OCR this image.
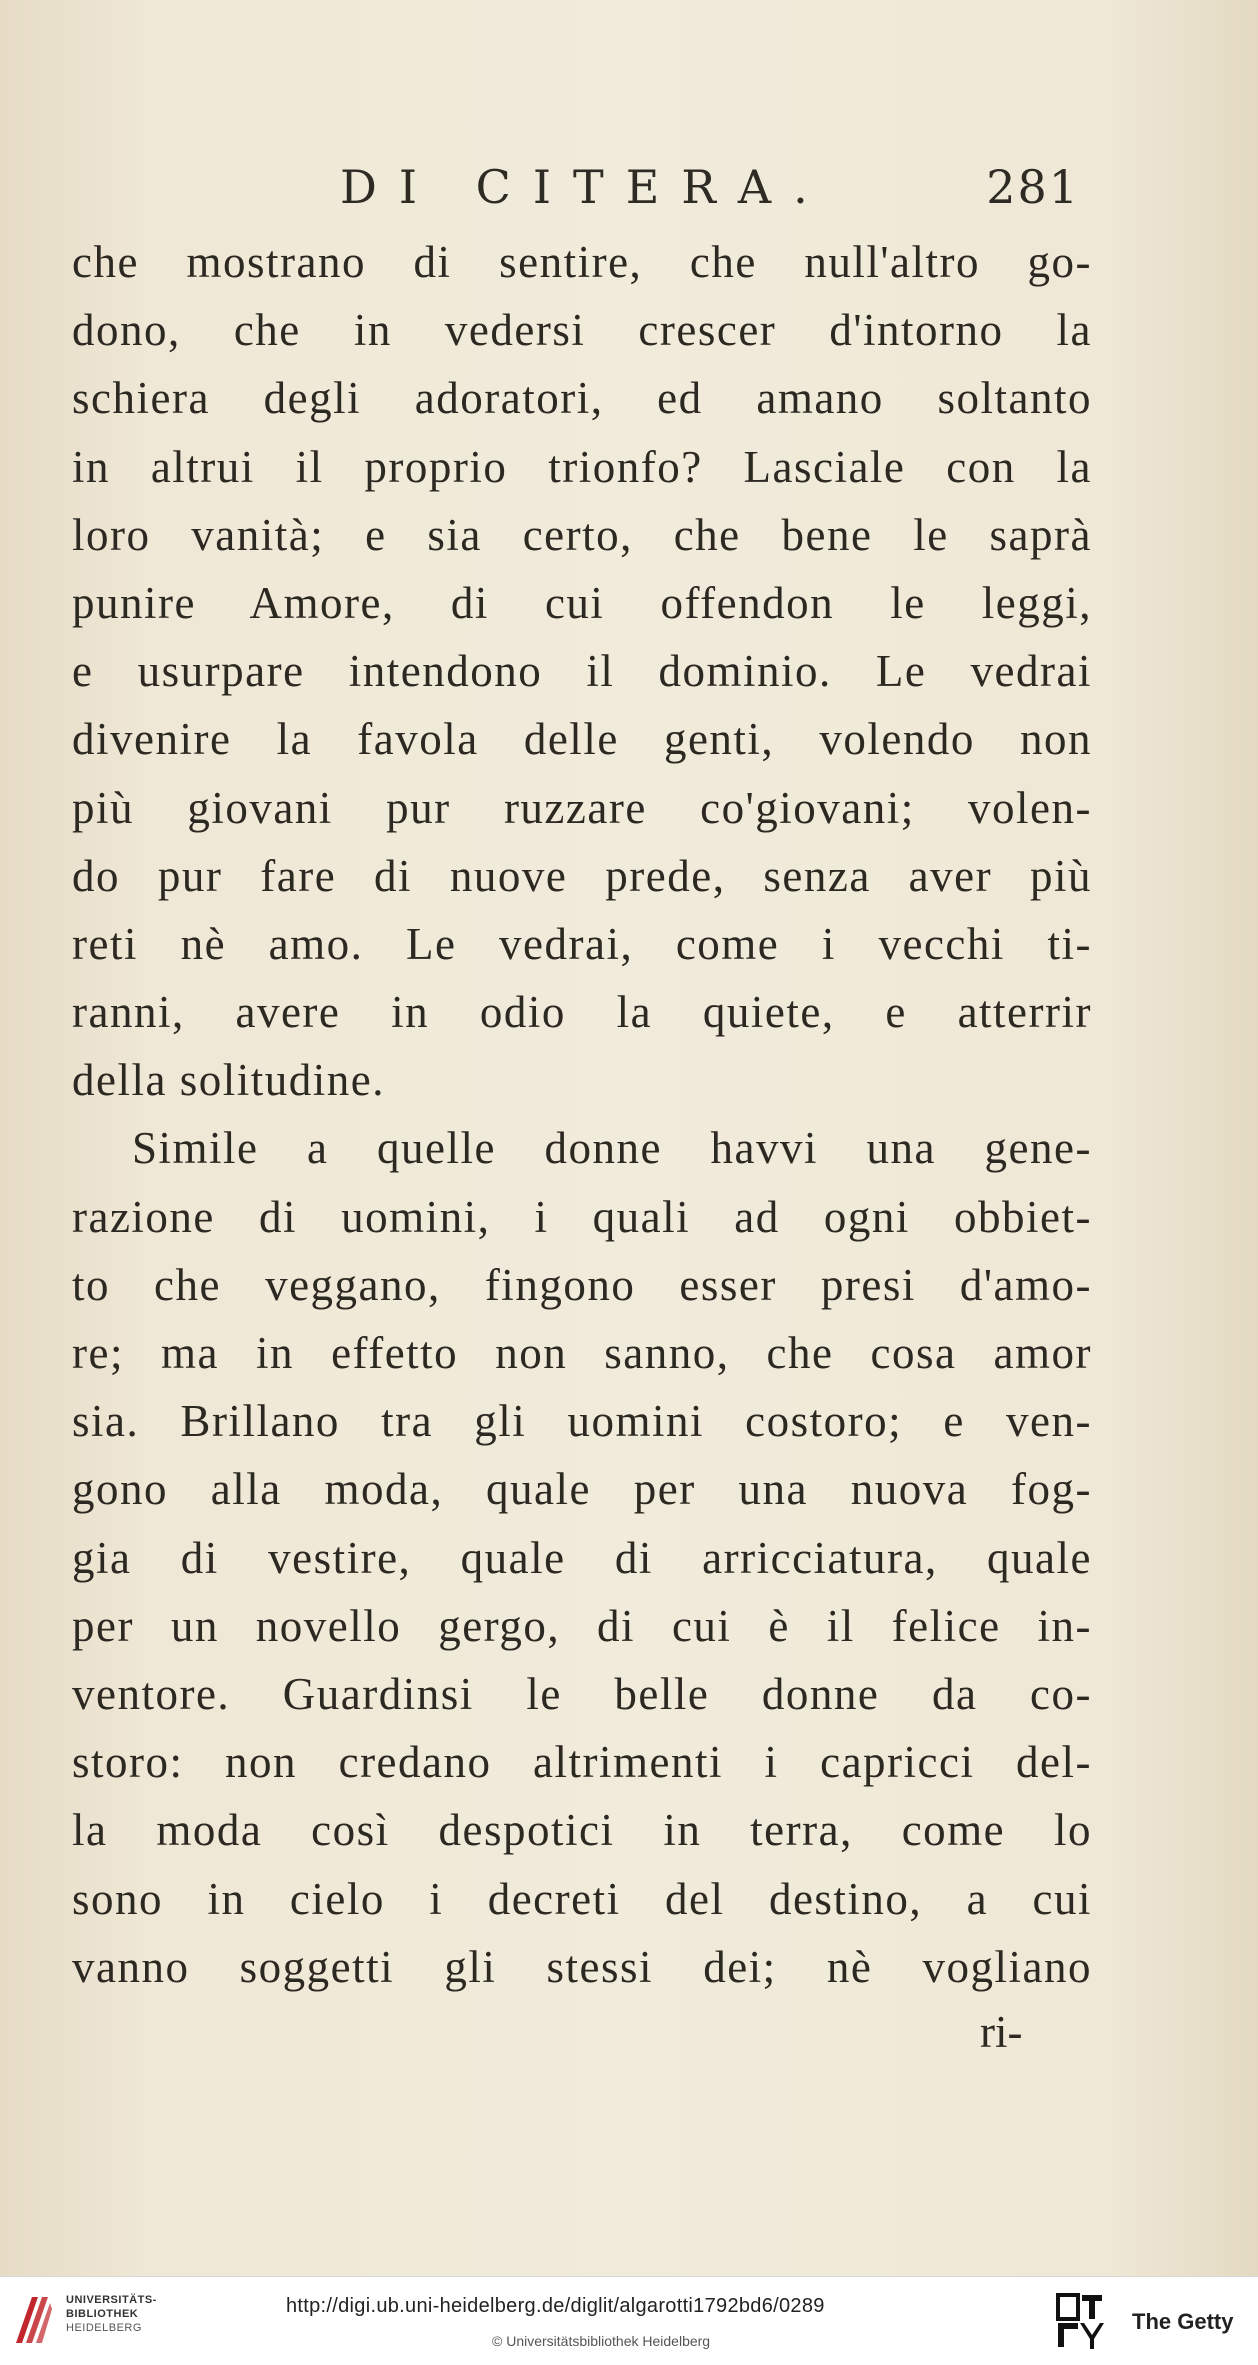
DI CITERA.	281
che mostrano di sentire, che null'altro go-
dono, che in vedersi crescer d'intorno la
schiera degli adoratori, ed amano soltanto
in altrui il proprio trionfo? Lasciale con la
loro vanità; e sia certo, che bene le saprà
punire Amore, di cui offendon le leggi,
e usurpare intendono il dominio. Le vedrai
divenire la favola delle genti, volendo non
più giovani pur ruzzare co'giovani; volen-
do pur fare di nuove prede, senza aver più
reti nè amo. Le vedrai, come i vecchi ti-
ranni, avere in odio la quiete, e atterrir
della solitudine.
Simile a quelle donne havvi una gene-
razione di uomini, i quali ad ogni obbiet-
to che veggano, fingono esser presi d'amo-
re; ma in effetto non sanno, che cosa amor
sia. Brillano tra gli uomini costoro; e ven-
gono alla moda, quale per una nuova fog-
gia di vestire, quale di arricciatura, quale
per un novello gergo, di cui è il felice in-
ventore. Guardinsi le belle donne da co-
storo: non credano altrimenti i capricci del-
la moda così despotici in terra, come lo
sono in cielo i decreti del destino, a cui
vanno soggetti gli stessi dei; nè vogliano
ri-
UNIVERSITÄTS-
BIBLIOTHEK
HEIDELBERG
http://digi.ub.uni-heidelberg.de/diglit/algarotti1792bd6/0289
© Universitätsbibliothek Heidelberg
The Getty
